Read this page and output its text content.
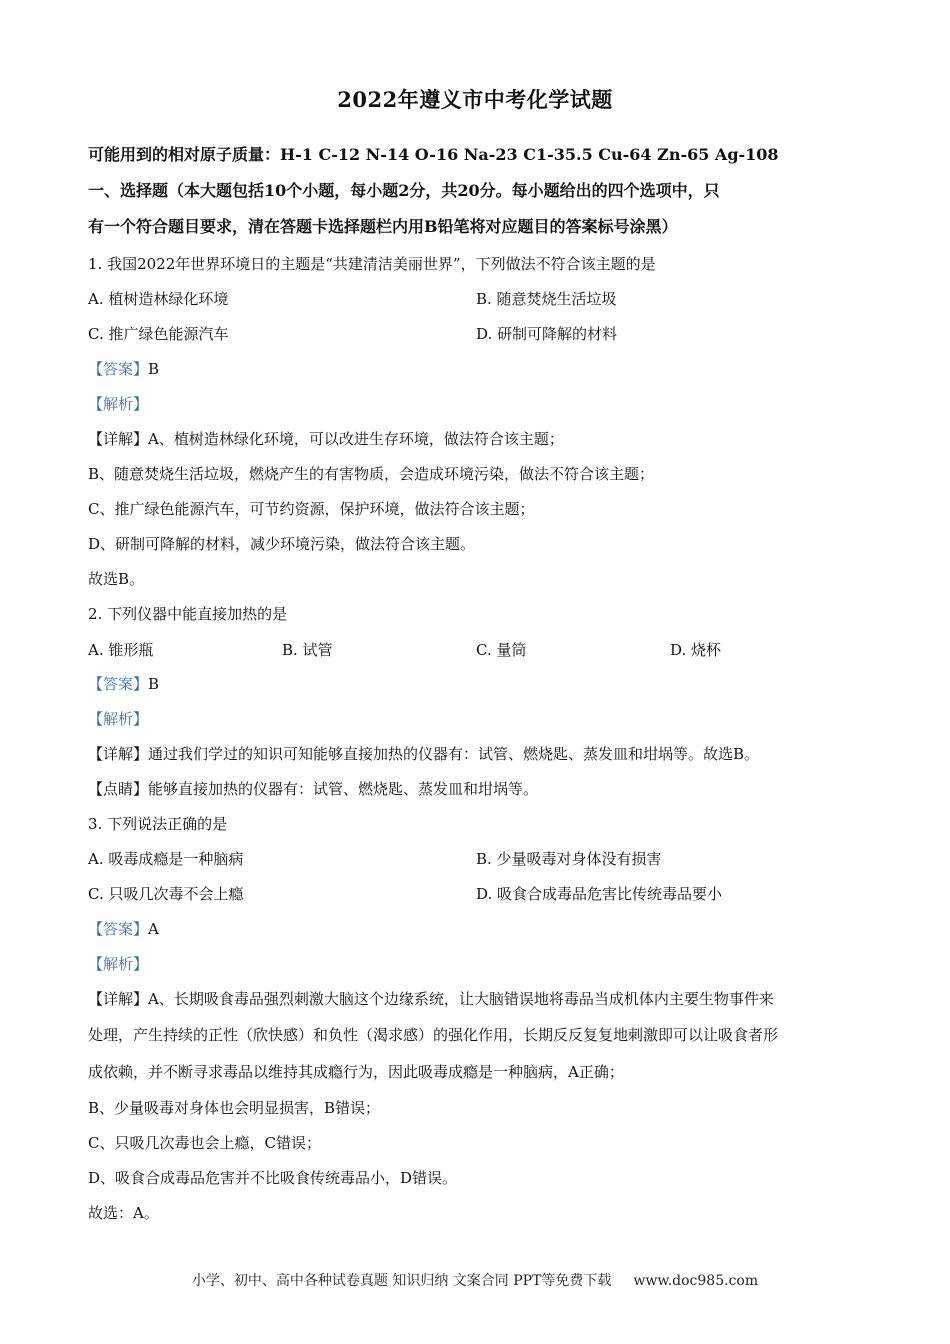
2022年遵义市中考化学试题
可能用到的相对原子质量：H-1 C-12 N-14 O-16 Na-23 C1-35.5 Cu-64 Zn-65 Ag-108
一、选择题（本大题包括10个小题，每小题2分，共20分。每小题给出的四个选项中，只
有一个符合题目要求，清在答题卡选择题栏内用B铅笔将对应题目的答案标号涂黑）
1. 我国2022年世界环境日的主题是“共建清洁美丽世界”，下列做法不符合该主题的是
A. 植树造林绿化环境	B. 随意焚烧生活垃圾
C. 推广绿色能源汽车	D. 研制可降解的材料
【答案】B
【解析】
【详解】A、植树造林绿化环境，可以改进生存环境，做法符合该主题；
B、随意焚烧生活垃圾，燃烧产生的有害物质，会造成环境污染，做法不符合该主题；
C、推广绿色能源汽车，可节约资源，保护环境，做法符合该主题；
D、研制可降解的材料，减少环境污染，做法符合该主题。
故选B。
2. 下列仪器中能直接加热的是
A. 锥形瓶	B. 试管	C. 量筒	D. 烧杯
【答案】B
【解析】
【详解】通过我们学过的知识可知能够直接加热的仪器有：试管、燃烧匙、蒸发皿和坩埚等。故选B。
【点睛】能够直接加热的仪器有：试管、燃烧匙、蒸发皿和坩埚等。
3. 下列说法正确的是
A. 吸毒成瘾是一种脑病	B. 少量吸毒对身体没有损害
C. 只吸几次毒不会上瘾	D. 吸食合成毒品危害比传统毒品要小
【答案】A
【解析】
【详解】A、长期吸食毒品强烈刺激大脑这个边缘系统，让大脑错误地将毒品当成机体内主要生物事件来
处理，产生持续的正性（欣快感）和负性（渴求感）的强化作用，长期反反复复地刺激即可以让吸食者形
成依赖，并不断寻求毒品以维持其成瘾行为，因此吸毒成瘾是一种脑病，A正确；
B、少量吸毒对身体也会明显损害，B错误；
C、只吸几次毒也会上瘾，C错误；
D、吸食合成毒品危害并不比吸食传统毒品小，D错误。
故选：A。
小学、初中、高中各种试卷真题 知识归纳 文案合同 PPT等免费下载 www.doc985.com
